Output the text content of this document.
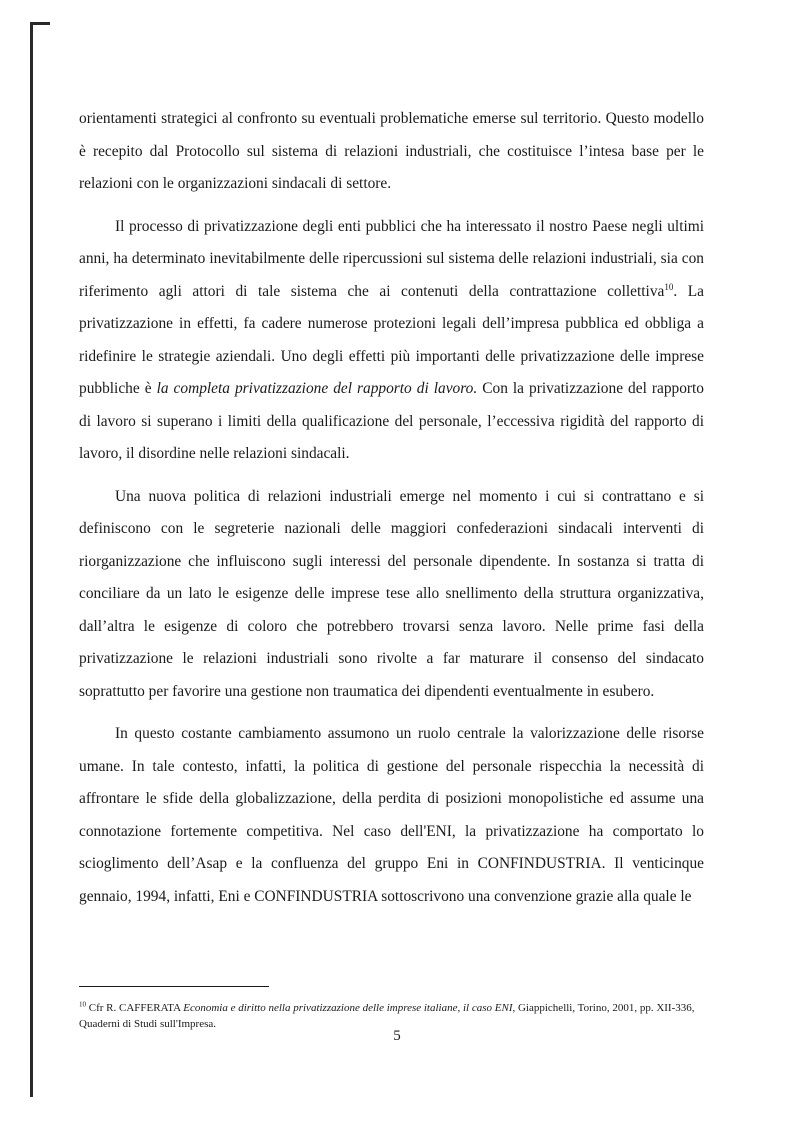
orientamenti strategici al confronto su eventuali problematiche emerse sul territorio. Questo modello è recepito dal Protocollo sul sistema di relazioni industriali, che costituisce l’intesa base per le relazioni con le organizzazioni sindacali di settore.

Il processo di privatizzazione degli enti pubblici che ha interessato il nostro Paese negli ultimi anni, ha determinato inevitabilmente delle ripercussioni sul sistema delle relazioni industriali, sia con riferimento agli attori di tale sistema che ai contenuti della contrattazione collettiva$^{10}$. La privatizzazione in effetti, fa cadere numerose protezioni legali dell’impresa pubblica ed obbliga a ridefinire le strategie aziendali. Uno degli effetti più importanti delle privatizzazione delle imprese pubbliche è la completa privatizzazione del rapporto di lavoro. Con la privatizzazione del rapporto di lavoro si superano i limiti della qualificazione del personale, l’eccessiva rigidità del rapporto di lavoro, il disordine nelle relazioni sindacali.

Una nuova politica di relazioni industriali emerge nel momento i cui si contrattano e si definiscono con le segreterie nazionali delle maggiori confederazioni sindacali interventi di riorganizzazione che influiscono sugli interessi del personale dipendente. In sostanza si tratta di conciliare da un lato le esigenze delle imprese tese allo snellimento della struttura organizzativa, dall’altra le esigenze di coloro che potrebbero trovarsi senza lavoro. Nelle prime fasi della privatizzazione le relazioni industriali sono rivolte a far maturare il consenso del sindacato soprattutto per favorire una gestione non traumatica dei dipendenti eventualmente in esubero.

In questo costante cambiamento assumono un ruolo centrale la valorizzazione delle risorse umane. In tale contesto, infatti, la politica di gestione del personale rispecchia la necessità di affrontare le sfide della globalizzazione, della perdita di posizioni monopolistiche ed assume una connotazione fortemente competitiva. Nel caso dell'ENI, la privatizzazione ha comportato lo scioglimento dell’Asap e la confluenza del gruppo Eni in CONFINDUSTRIA. Il venticinque gennaio, 1994, infatti, Eni e CONFINDUSTRIA sottoscrivono una convenzione grazie alla quale le

$^{10}$ Cfr R. CAFFERATA Economia e diritto nella privatizzazione delle imprese italiane, il caso ENI, Giappichelli, Torino, 2001, pp. XII-336, Quaderni di Studi sull'Impresa.
5
